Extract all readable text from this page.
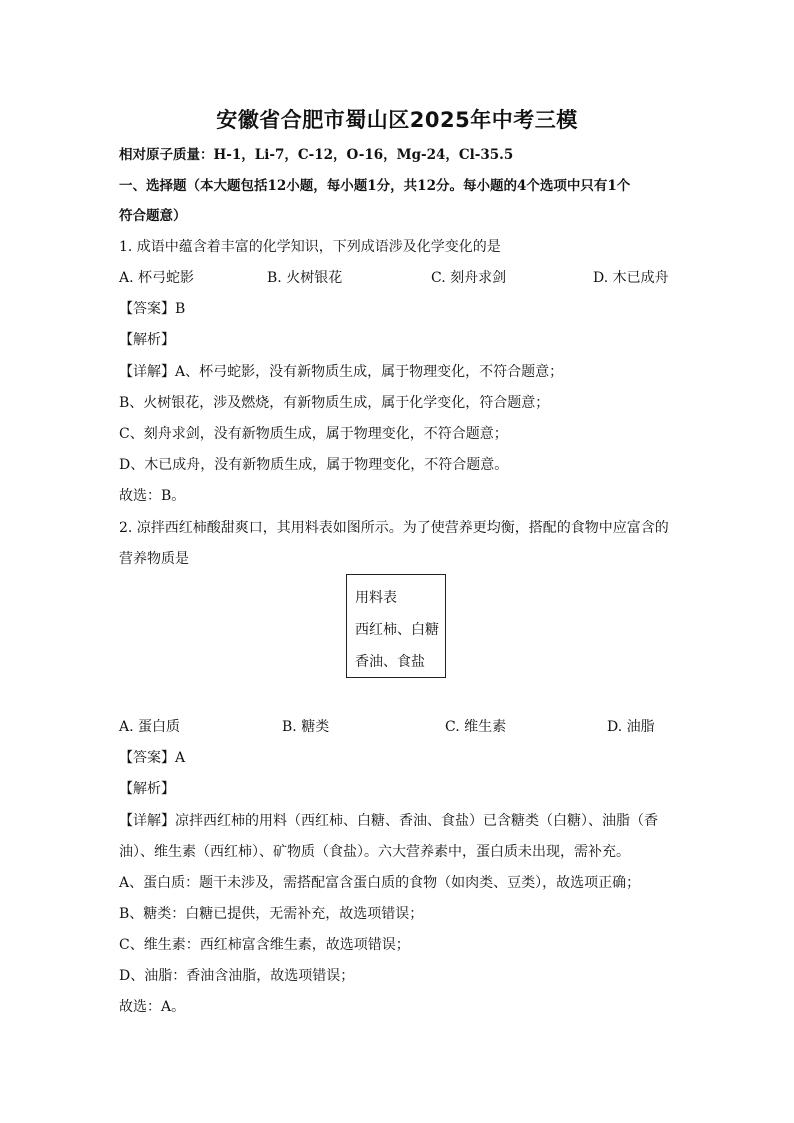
安徽省合肥市蜀山区2025年中考三模
相对原子质量：H-1，Li-7，C-12，O-16，Mg-24，Cl-35.5
一、选择题（本大题包括12小题，每小题1分，共12分。每小题的4个选项中只有1个
符合题意）
1. 成语中蕴含着丰富的化学知识，下列成语涉及化学变化的是
A. 杯弓蛇影	B. 火树银花	C. 刻舟求剑	D. 木已成舟
【答案】B
【解析】
【详解】A、杯弓蛇影，没有新物质生成，属于物理变化，不符合题意；
B、火树银花，涉及燃烧，有新物质生成，属于化学变化，符合题意；
C、刻舟求剑，没有新物质生成，属于物理变化，不符合题意；
D、木已成舟，没有新物质生成，属于物理变化，不符合题意。
故选：B。
2. 凉拌西红柿酸甜爽口，其用料表如图所示。为了使营养更均衡，搭配的食物中应富含的
营养物质是
用料表
西红柿、白糖
香油、食盐
A. 蛋白质	B. 糖类	C. 维生素	D. 油脂
【答案】A
【解析】
【详解】凉拌西红柿的用料（西红柿、白糖、香油、食盐）已含糖类（白糖）、油脂（香
油）、维生素（西红柿）、矿物质（食盐）。六大营养素中，蛋白质未出现，需补充。
A、蛋白质：题干未涉及，需搭配富含蛋白质的食物（如肉类、豆类），故选项正确；
B、糖类：白糖已提供，无需补充，故选项错误；
C、维生素：西红柿富含维生素，故选项错误；
D、油脂：香油含油脂，故选项错误；
故选：A。
